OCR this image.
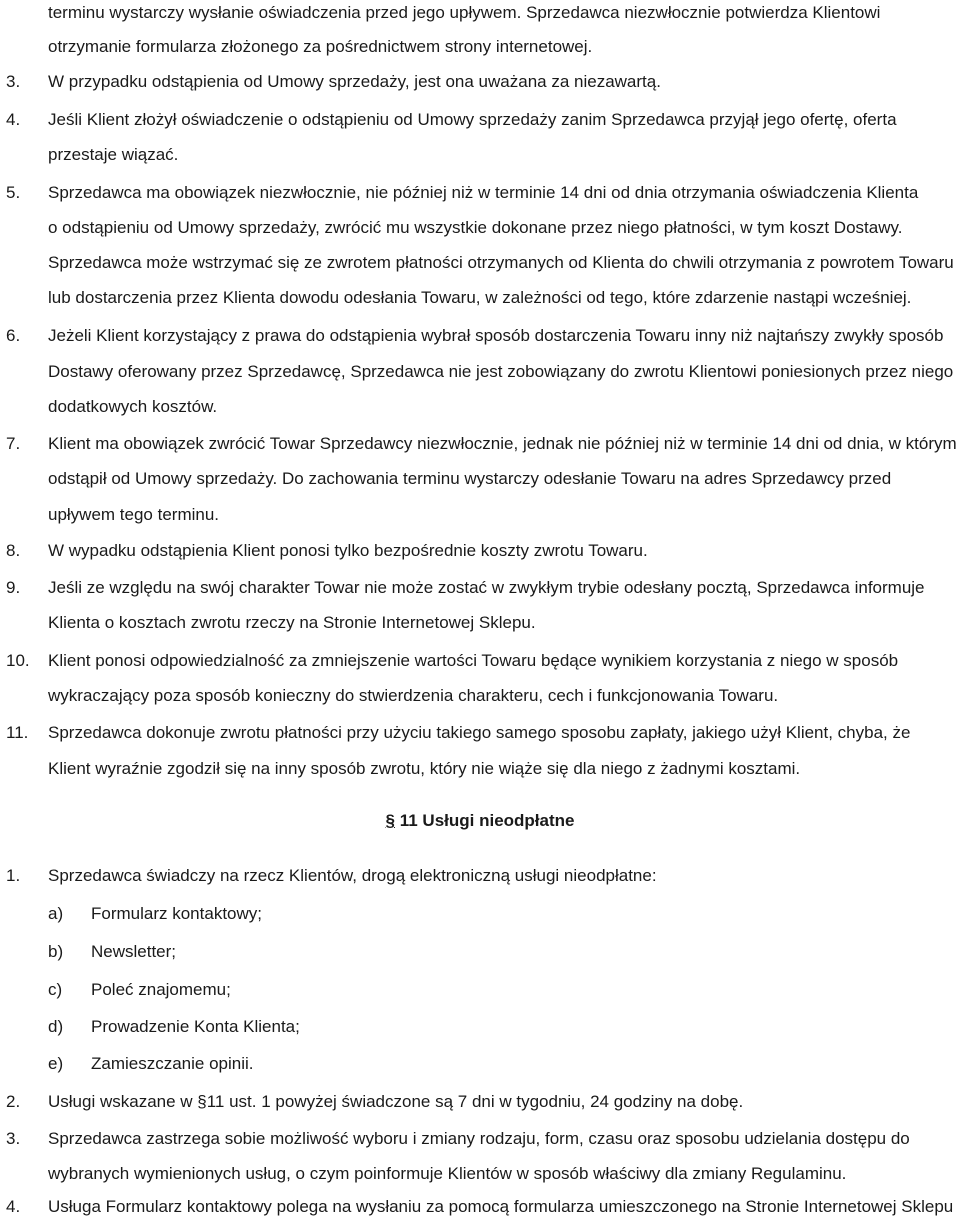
terminu wystarczy wysłanie oświadczenia przed jego upływem. Sprzedawca niezwłocznie potwierdza Klientowi
otrzymanie formularza złożonego za pośrednictwem strony internetowej.
3. W przypadku odstąpienia od Umowy sprzedaży, jest ona uważana za niezawartą.
4. Jeśli Klient złożył oświadczenie o odstąpieniu od Umowy sprzedaży zanim Sprzedawca przyjął jego ofertę, oferta
przestaje wiązać.
5. Sprzedawca ma obowiązek niezwłocznie, nie później niż w terminie 14 dni od dnia otrzymania oświadczenia Klienta
o odstąpieniu od Umowy sprzedaży, zwrócić mu wszystkie dokonane przez niego płatności, w tym koszt Dostawy.
Sprzedawca może wstrzymać się ze zwrotem płatności otrzymanych od Klienta do chwili otrzymania z powrotem Towaru
lub dostarczenia przez Klienta dowodu odesłania Towaru, w zależności od tego, które zdarzenie nastąpi wcześniej.
6. Jeżeli Klient korzystający z prawa do odstąpienia wybrał sposób dostarczenia Towaru inny niż najtańszy zwykły sposób
Dostawy oferowany przez Sprzedawcę, Sprzedawca nie jest zobowiązany do zwrotu Klientowi poniesionych przez niego
dodatkowych kosztów.
7. Klient ma obowiązek zwrócić Towar Sprzedawcy niezwłocznie, jednak nie później niż w terminie 14 dni od dnia, w którym
odstąpił od Umowy sprzedaży. Do zachowania terminu wystarczy odesłanie Towaru na adres Sprzedawcy przed
upływem tego terminu.
8. W wypadku odstąpienia Klient ponosi tylko bezpośrednie koszty zwrotu Towaru.
9. Jeśli ze względu na swój charakter Towar nie może zostać w zwykłym trybie odesłany pocztą, Sprzedawca informuje
Klienta o kosztach zwrotu rzeczy na Stronie Internetowej Sklepu.
10. Klient ponosi odpowiedzialność za zmniejszenie wartości Towaru będące wynikiem korzystania z niego w sposób
wykraczający poza sposób konieczny do stwierdzenia charakteru, cech i funkcjonowania Towaru.
11. Sprzedawca dokonuje zwrotu płatności przy użyciu takiego samego sposobu zapłaty, jakiego użył Klient, chyba, że
Klient wyraźnie zgodził się na inny sposób zwrotu, który nie wiąże się dla niego z żadnymi kosztami.
§ 11 Usługi nieodpłatne
1. Sprzedawca świadczy na rzecz Klientów, drogą elektroniczną usługi nieodpłatne:
a) Formularz kontaktowy;
b) Newsletter;
c) Poleć znajomemu;
d) Prowadzenie Konta Klienta;
e) Zamieszczanie opinii.
2. Usługi wskazane w §11 ust. 1 powyżej świadczone są 7 dni w tygodniu, 24 godziny na dobę.
3. Sprzedawca zastrzega sobie możliwość wyboru i zmiany rodzaju, form, czasu oraz sposobu udzielania dostępu do
wybranych wymienionych usług, o czym poinformuje Klientów w sposób właściwy dla zmiany Regulaminu.
4. Usługa Formularz kontaktowy polega na wysłaniu za pomocą formularza umieszczonego na Stronie Internetowej Sklepu
